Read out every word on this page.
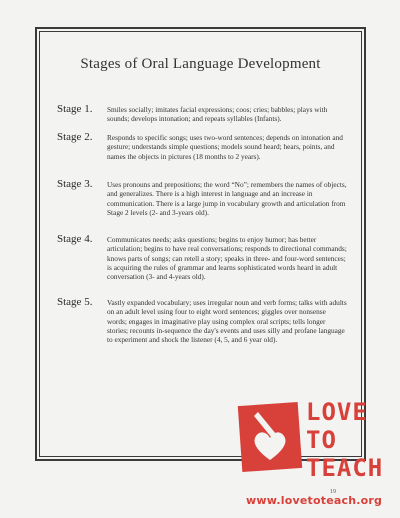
Stages of Oral Language Development
Stage 1.	Smiles socially; imitates facial expressions; coos; cries; babbles; plays with sounds; develops intonation; and repeats syllables (Infants).
Stage 2.	Responds to specific songs; uses two-word sentences; depends on intonation and gesture; understands simple questions; models sound heard; hears, points, and names the objects in pictures (18 months to 2 years).
Stage 3.	Uses pronouns and prepositions; the word “No”; remembers the names of objects, and generalizes. There is a high interest in language and an increase in communication. There is a large jump in vocabulary growth and articulation from Stage 2 levels (2- and 3-years old).
Stage 4.	Communicates needs; asks questions; begins to enjoy humor; has better articulation; begins to have real conversations; responds to directional commands; knows parts of songs; can retell a story; speaks in three- and four-word sentences; is acquiring the rules of grammar and learns sophisticated words heard in adult conversation (3- and 4-years old).
Stage 5.	Vastly expanded vocabulary; uses irregular noun and verb forms; talks with adults on an adult level using four to eight word sentences; giggles over nonsense words; engages in imaginative play using complex oral scripts; tells longer stories; recounts in-sequence the day's events and uses silly and profane language to experiment and shock the listener (4, 5, and 6 year old).
LOVE
TO
TEACH
19
www.lovetoteach.org
